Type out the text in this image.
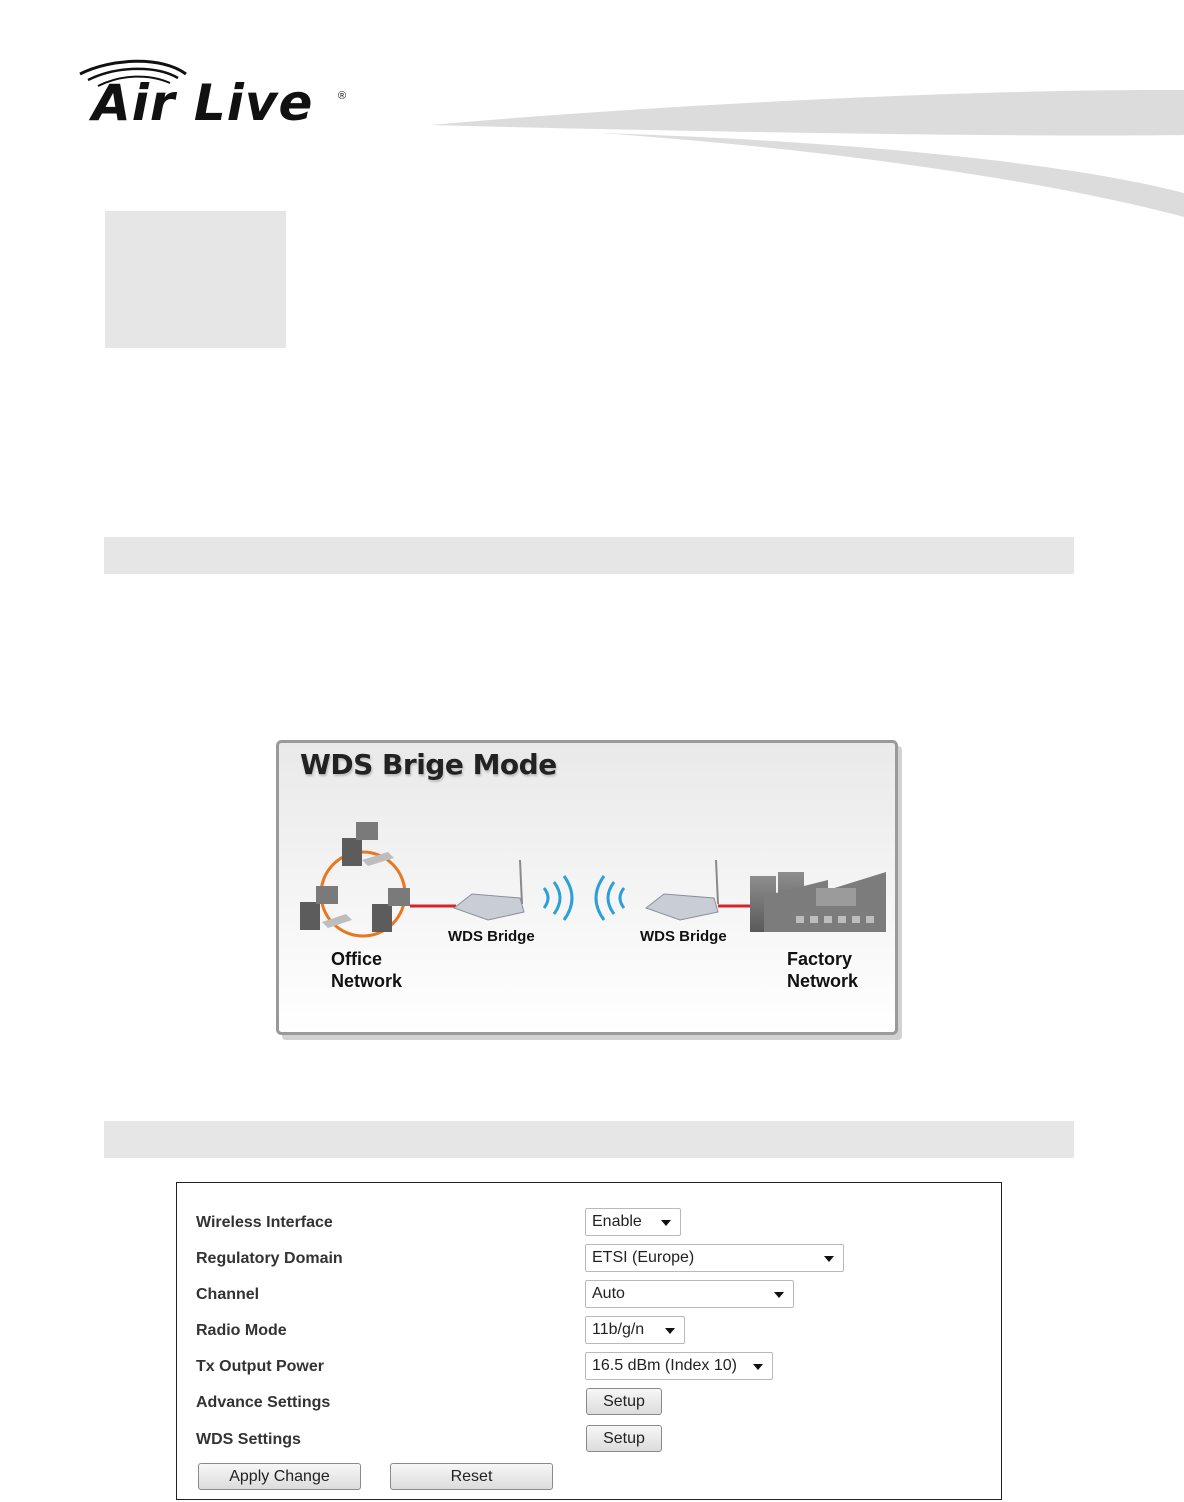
Air Live ®
WDS Brige Mode
Office
Network
WDS Bridge	WDS Bridge
Factory
Network
Wireless Interface	Enable
Regulatory Domain	ETSI (Europe)
Channel	Auto
Radio Mode	11b/g/n
Tx Output Power	16.5 dBm (Index 10)
Advance Settings	Setup
WDS Settings	Setup
Apply Change	Reset
